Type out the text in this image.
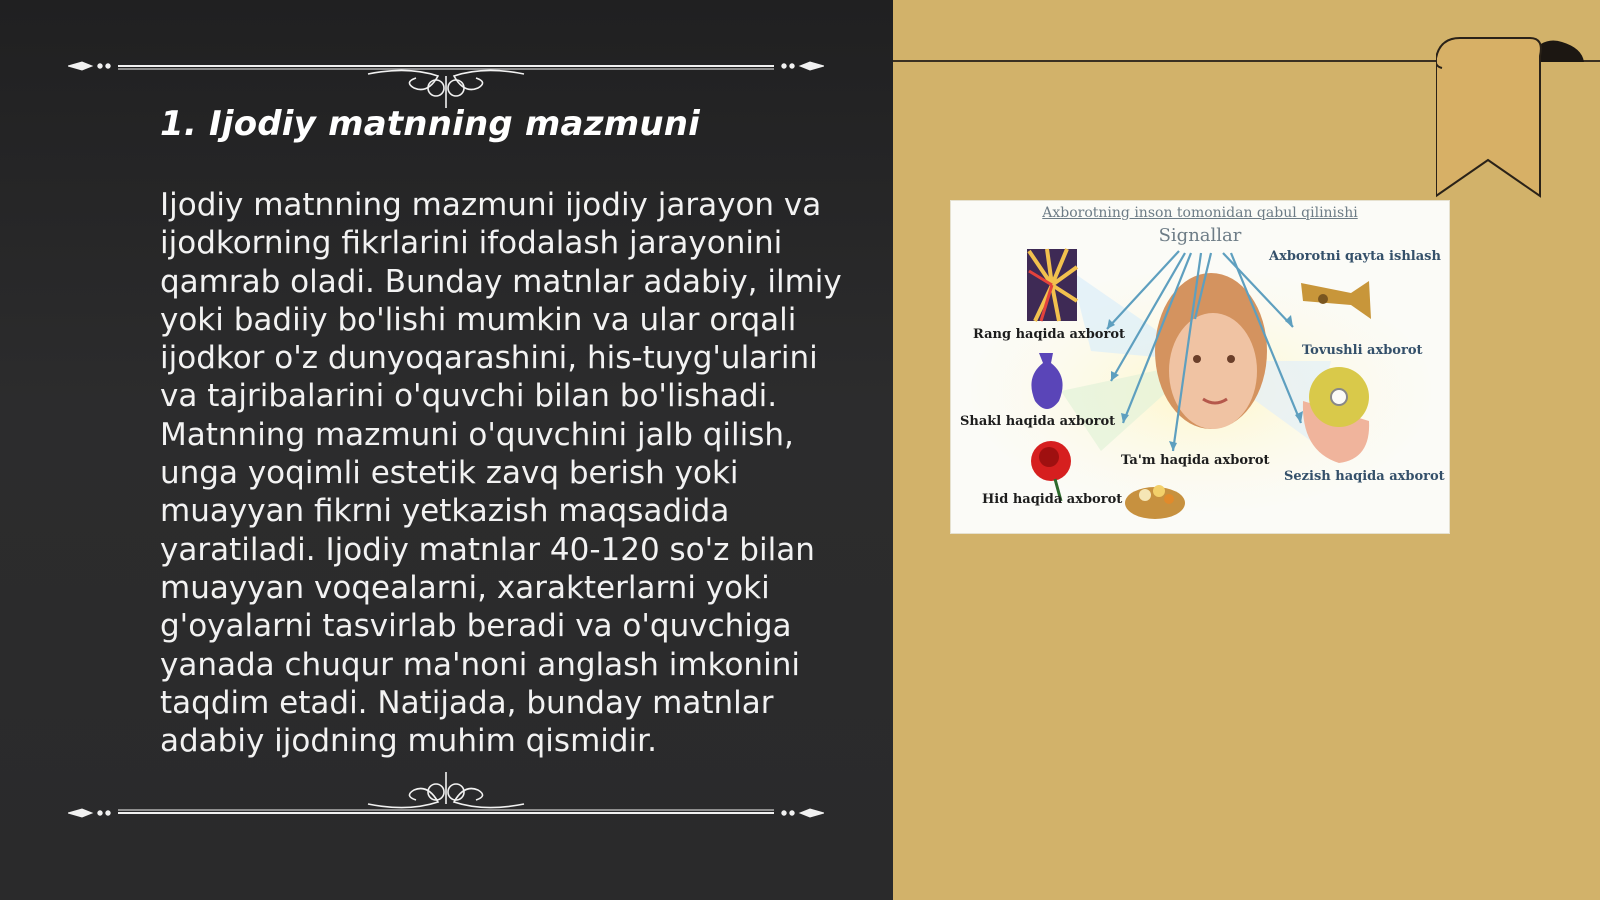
1. Ijodiy matnning mazmuni

Ijodiy matnning mazmuni ijodiy jarayon va ijodkorning fikrlarini ifodalash jarayonini qamrab oladi. Bunday matnlar adabiy, ilmiy yoki badiiy bo'lishi mumkin va ular orqali ijodkor o'z dunyoqarashini, his-tuyg'ularini va tajribalarini o'quvchi bilan bo'lishadi. Matnning mazmuni o'quvchini jalb qilish, unga yoqimli estetik zavq berish yoki muayyan fikrni yetkazish maqsadida yaratiladi. Ijodiy matnlar 40-120 so'z bilan muayyan voqealarni, xarakterlarni yoki g'oyalarni tasvirlab beradi va o'quvchiga yanada chuqur ma'noni anglash imkonini taqdim etadi. Natijada, bunday matnlar adabiy ijodning muhim qismidir.

Axborotning inson tomonidan qabul qilinishi
Signallar
Rang haqida axborot
Shakl haqida axborot
Hid haqida axborot
Ta'm haqida axborot
Tovushli axborot
Sezish haqida axborot
Axborotni qayta ishlash
